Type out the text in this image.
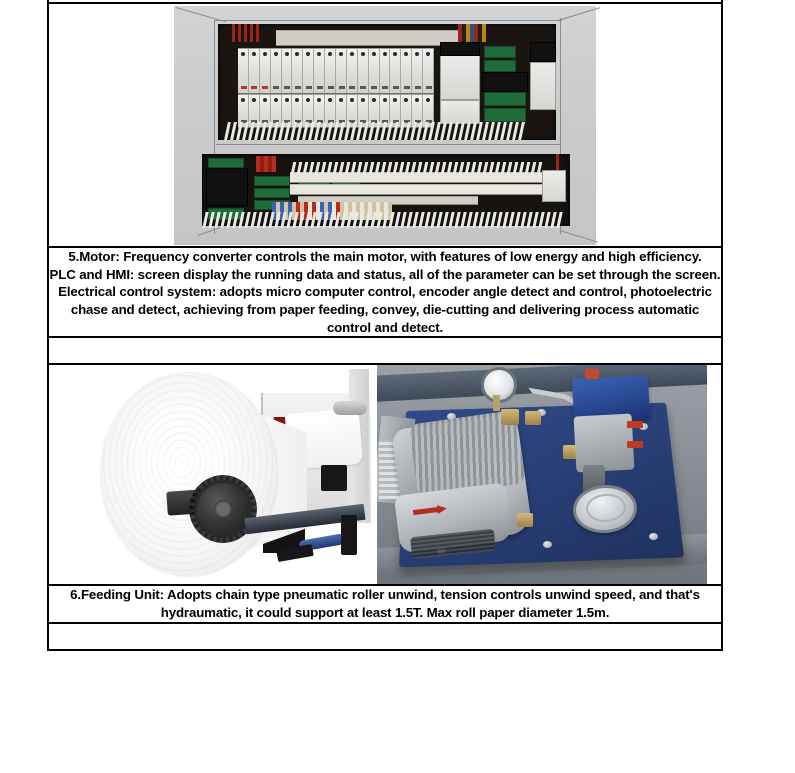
5.Motor: Frequency converter controls the main motor, with features of low energy and high efficiency.

PLC and HMI: screen display the running data and status, all of the parameter can be set through the screen.

Electrical control system: adopts micro computer control, encoder angle detect and control, photoelectric chase and detect, achieving from paper feeding, convey, die-cutting and delivering process automatic control and detect.

6.Feeding Unit: Adopts chain type pneumatic roller unwind, tension controls unwind speed, and that's hydraumatic, it could support at least 1.5T. Max roll paper diameter 1.5m.
